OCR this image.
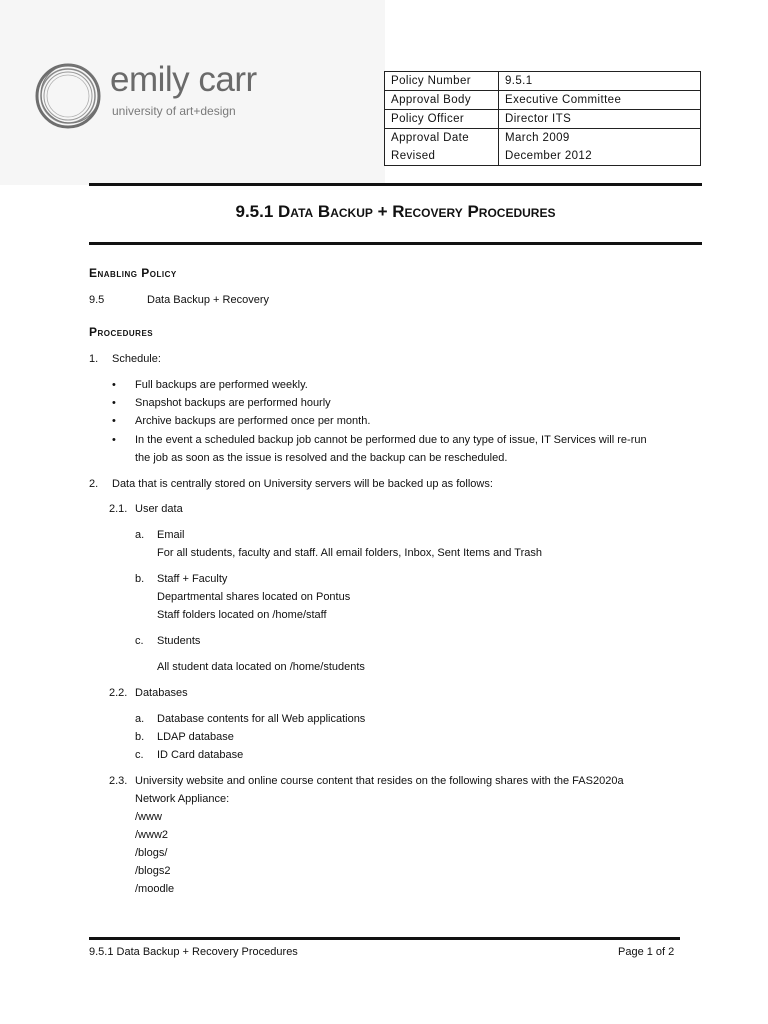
emily carr
university of art+design
Policy Number	9.5.1
Approval Body	Executive Committee
Policy Officer	Director ITS
Approval Date	March 2009
Revised	December 2012
9.5.1 Data Backup + Recovery Procedures
Enabling Policy
9.5	Data Backup + Recovery
Procedures
1. Schedule:
• Full backups are performed weekly.
• Snapshot backups are performed hourly
• Archive backups are performed once per month.
• In the event a scheduled backup job cannot be performed due to any type of issue, IT Services will re-run
the job as soon as the issue is resolved and the backup can be rescheduled.
2. Data that is centrally stored on University servers will be backed up as follows:
2.1. User data
a. Email
For all students, faculty and staff. All email folders, Inbox, Sent Items and Trash
b. Staff + Faculty
Departmental shares located on Pontus
Staff folders located on /home/staff
c. Students
All student data located on /home/students
2.2. Databases
a. Database contents for all Web applications
b. LDAP database
c. ID Card database
2.3. University website and online course content that resides on the following shares with the FAS2020a
Network Appliance:
/www
/www2
/blogs/
/blogs2
/moodle
9.5.1 Data Backup + Recovery Procedures	Page 1 of 2
